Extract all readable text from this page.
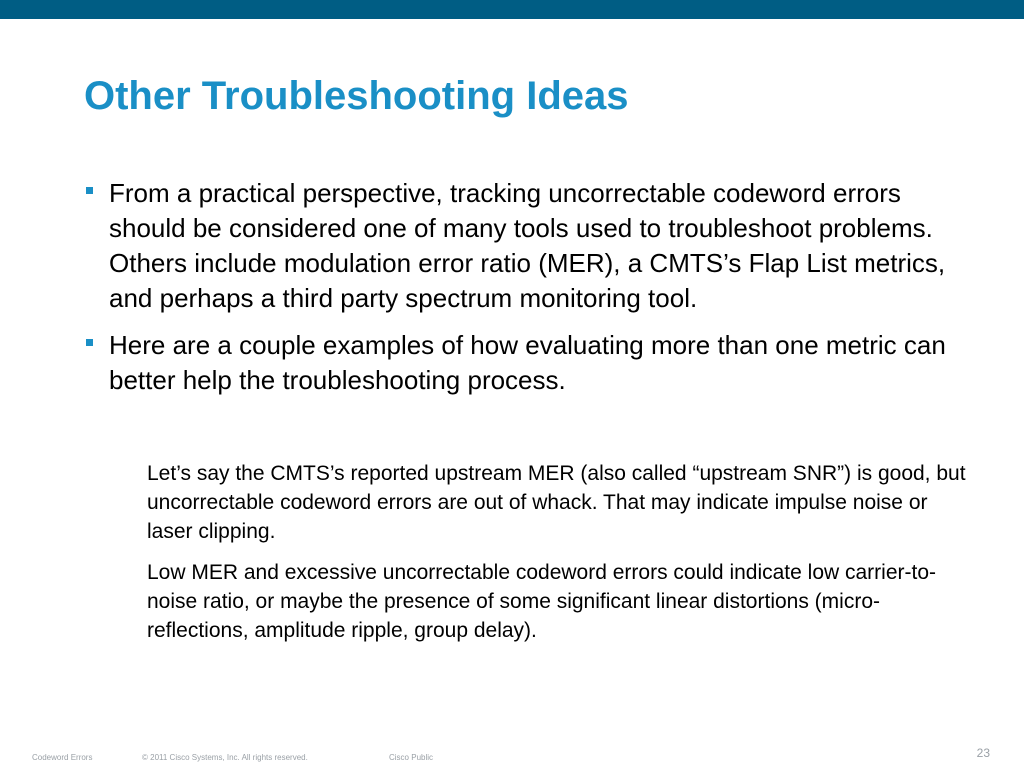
Other Troubleshooting Ideas
From a practical perspective, tracking uncorrectable codeword errors should be considered one of many tools used to troubleshoot problems. Others include modulation error ratio (MER), a CMTS’s Flap List metrics, and perhaps a third party spectrum monitoring tool.
Here are a couple examples of how evaluating more than one metric can better help the troubleshooting process.
Let’s say the CMTS’s reported upstream MER (also called “upstream SNR”) is good, but uncorrectable codeword errors are out of whack. That may indicate impulse noise or laser clipping.
Low MER and excessive uncorrectable codeword errors could indicate low carrier-to-noise ratio, or maybe the presence of some significant linear distortions (micro-reflections, amplitude ripple, group delay).
Codeword Errors	© 2011 Cisco Systems, Inc. All rights reserved.	Cisco Public	23
